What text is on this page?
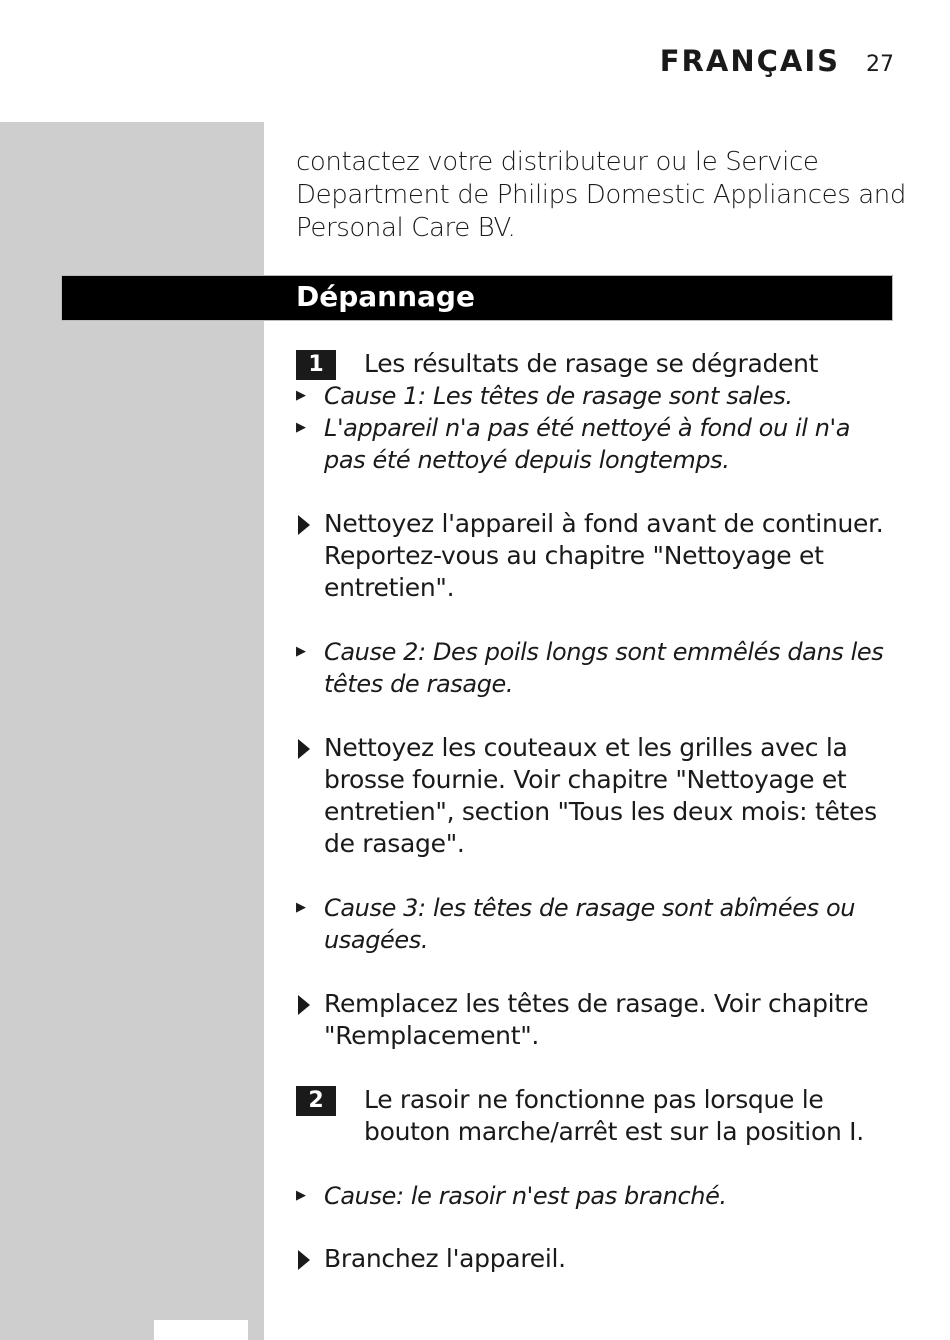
FRANÇAIS 27
contactez votre distributeur ou le Service Department de Philips Domestic Appliances and Personal Care BV.
Dépannage
1	Les résultats de rasage se dégradent
▶ Cause 1: Les têtes de rasage sont sales.
▶ L'appareil n'a pas été nettoyé à fond ou il n'a pas été nettoyé depuis longtemps.
Nettoyez l'appareil à fond avant de continuer. Reportez-vous au chapitre "Nettoyage et entretien".
▶ Cause 2: Des poils longs sont emmêlés dans les têtes de rasage.
Nettoyez les couteaux et les grilles avec la brosse fournie. Voir chapitre "Nettoyage et entretien", section "Tous les deux mois: têtes de rasage".
▶ Cause 3: les têtes de rasage sont abîmées ou usagées.
Remplacez les têtes de rasage. Voir chapitre "Remplacement".
2	Le rasoir ne fonctionne pas lorsque le bouton marche/arrêt est sur la position I.
▶ Cause: le rasoir n'est pas branché.
Branchez l'appareil.
